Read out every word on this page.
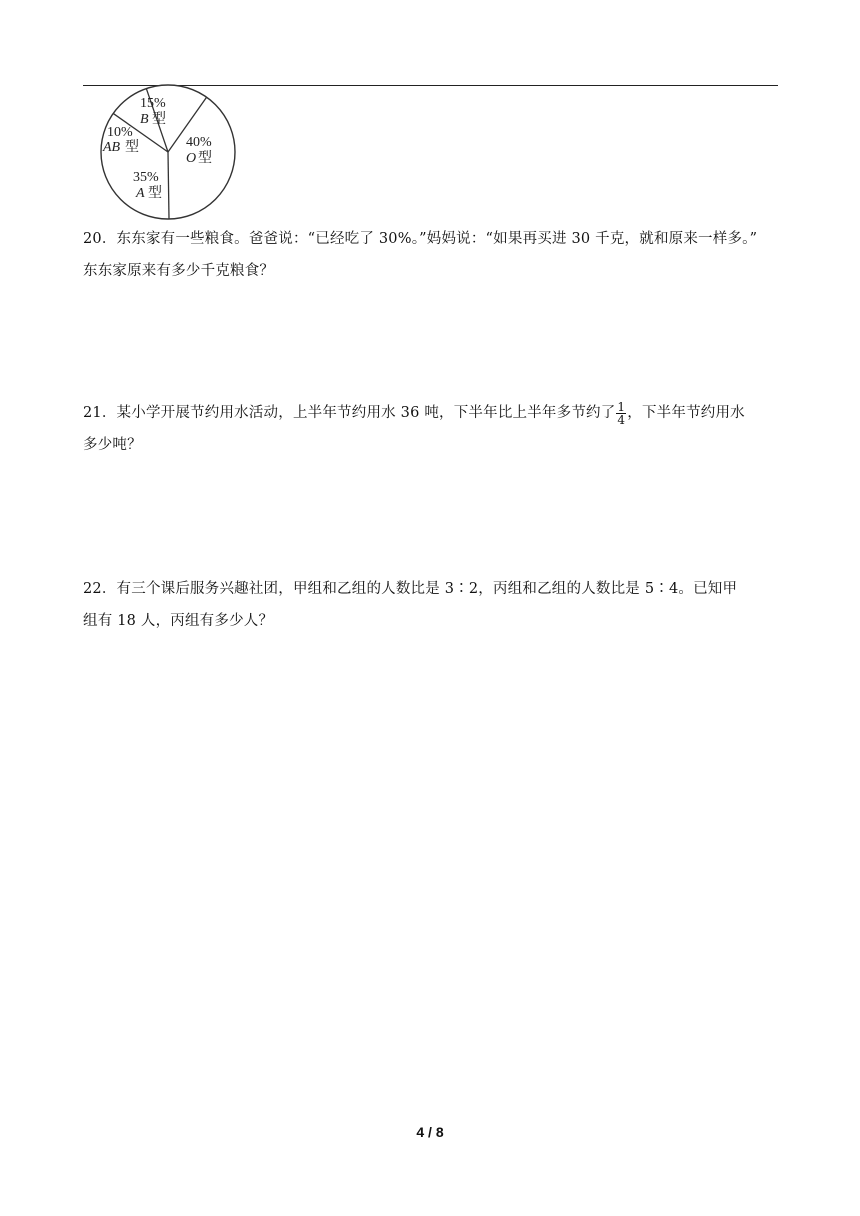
15%
B 型
40%
O 型
35%
A 型
10%
AB 型
20．东东家有一些粮食。爸爸说：“已经吃了 30%。”妈妈说：“如果再买进 30 千克，就和原来一样多。”
东东家原来有多少千克粮食？
21．某小学开展节约用水活动，上半年节约用水 36 吨，下半年比上半年多节约了 $\frac{1}{4}$ ，下半年节约用水
多少吨？
22．有三个课后服务兴趣社团，甲组和乙组的人数比是 3∶2，丙组和乙组的人数比是 5∶4。已知甲
组有 18 人，丙组有多少人？
4 / 8
